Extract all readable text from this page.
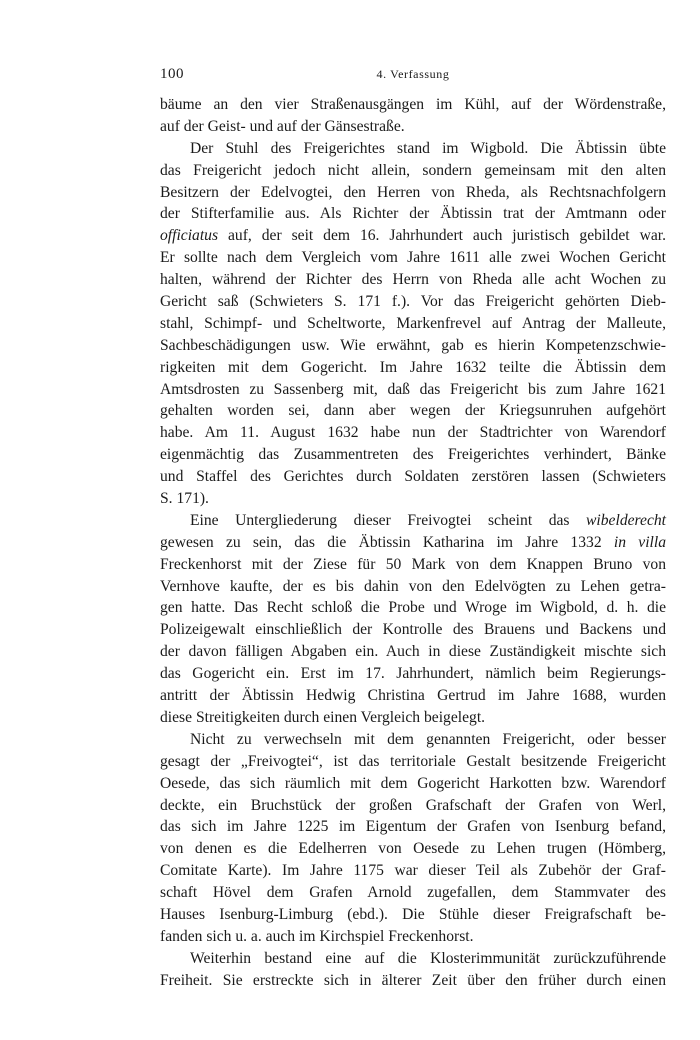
100	4. Verfassung
bäume an den vier Straßenausgängen im Kühl, auf der Wördenstraße,
auf der Geist- und auf der Gänsestraße.
Der Stuhl des Freigerichtes stand im Wigbold. Die Äbtissin übte
das Freigericht jedoch nicht allein, sondern gemeinsam mit den alten
Besitzern der Edelvogtei, den Herren von Rheda, als Rechtsnachfolgern
der Stifterfamilie aus. Als Richter der Äbtissin trat der Amtmann oder
officiatus auf, der seit dem 16. Jahrhundert auch juristisch gebildet war.
Er sollte nach dem Vergleich vom Jahre 1611 alle zwei Wochen Gericht
halten, während der Richter des Herrn von Rheda alle acht Wochen zu
Gericht saß (Schwieters S. 171 f.). Vor das Freigericht gehörten Dieb-
stahl, Schimpf- und Scheltworte, Markenfrevel auf Antrag der Malleute,
Sachbeschädigungen usw. Wie erwähnt, gab es hierin Kompetenzschwie-
rigkeiten mit dem Gogericht. Im Jahre 1632 teilte die Äbtissin dem
Amtsdrosten zu Sassenberg mit, daß das Freigericht bis zum Jahre 1621
gehalten worden sei, dann aber wegen der Kriegsunruhen aufgehört
habe. Am 11. August 1632 habe nun der Stadtrichter von Warendorf
eigenmächtig das Zusammentreten des Freigerichtes verhindert, Bänke
und Staffel des Gerichtes durch Soldaten zerstören lassen (Schwieters
S. 171).
Eine Untergliederung dieser Freivogtei scheint das wibelderecht
gewesen zu sein, das die Äbtissin Katharina im Jahre 1332 in villa
Freckenhorst mit der Ziese für 50 Mark von dem Knappen Bruno von
Vernhove kaufte, der es bis dahin von den Edelvögten zu Lehen getra-
gen hatte. Das Recht schloß die Probe und Wroge im Wigbold, d. h. die
Polizeigewalt einschließlich der Kontrolle des Brauens und Backens und
der davon fälligen Abgaben ein. Auch in diese Zuständigkeit mischte sich
das Gogericht ein. Erst im 17. Jahrhundert, nämlich beim Regierungs-
antritt der Äbtissin Hedwig Christina Gertrud im Jahre 1688, wurden
diese Streitigkeiten durch einen Vergleich beigelegt.
Nicht zu verwechseln mit dem genannten Freigericht, oder besser
gesagt der „Freivogtei“, ist das territoriale Gestalt besitzende Freigericht
Oesede, das sich räumlich mit dem Gogericht Harkotten bzw. Warendorf
deckte, ein Bruchstück der großen Grafschaft der Grafen von Werl,
das sich im Jahre 1225 im Eigentum der Grafen von Isenburg befand,
von denen es die Edelherren von Oesede zu Lehen trugen (Hömberg,
Comitate Karte). Im Jahre 1175 war dieser Teil als Zubehör der Graf-
schaft Hövel dem Grafen Arnold zugefallen, dem Stammvater des
Hauses Isenburg-Limburg (ebd.). Die Stühle dieser Freigrafschaft be-
fanden sich u. a. auch im Kirchspiel Freckenhorst.
Weiterhin bestand eine auf die Klosterimmunität zurückzuführende
Freiheit. Sie erstreckte sich in älterer Zeit über den früher durch einen
